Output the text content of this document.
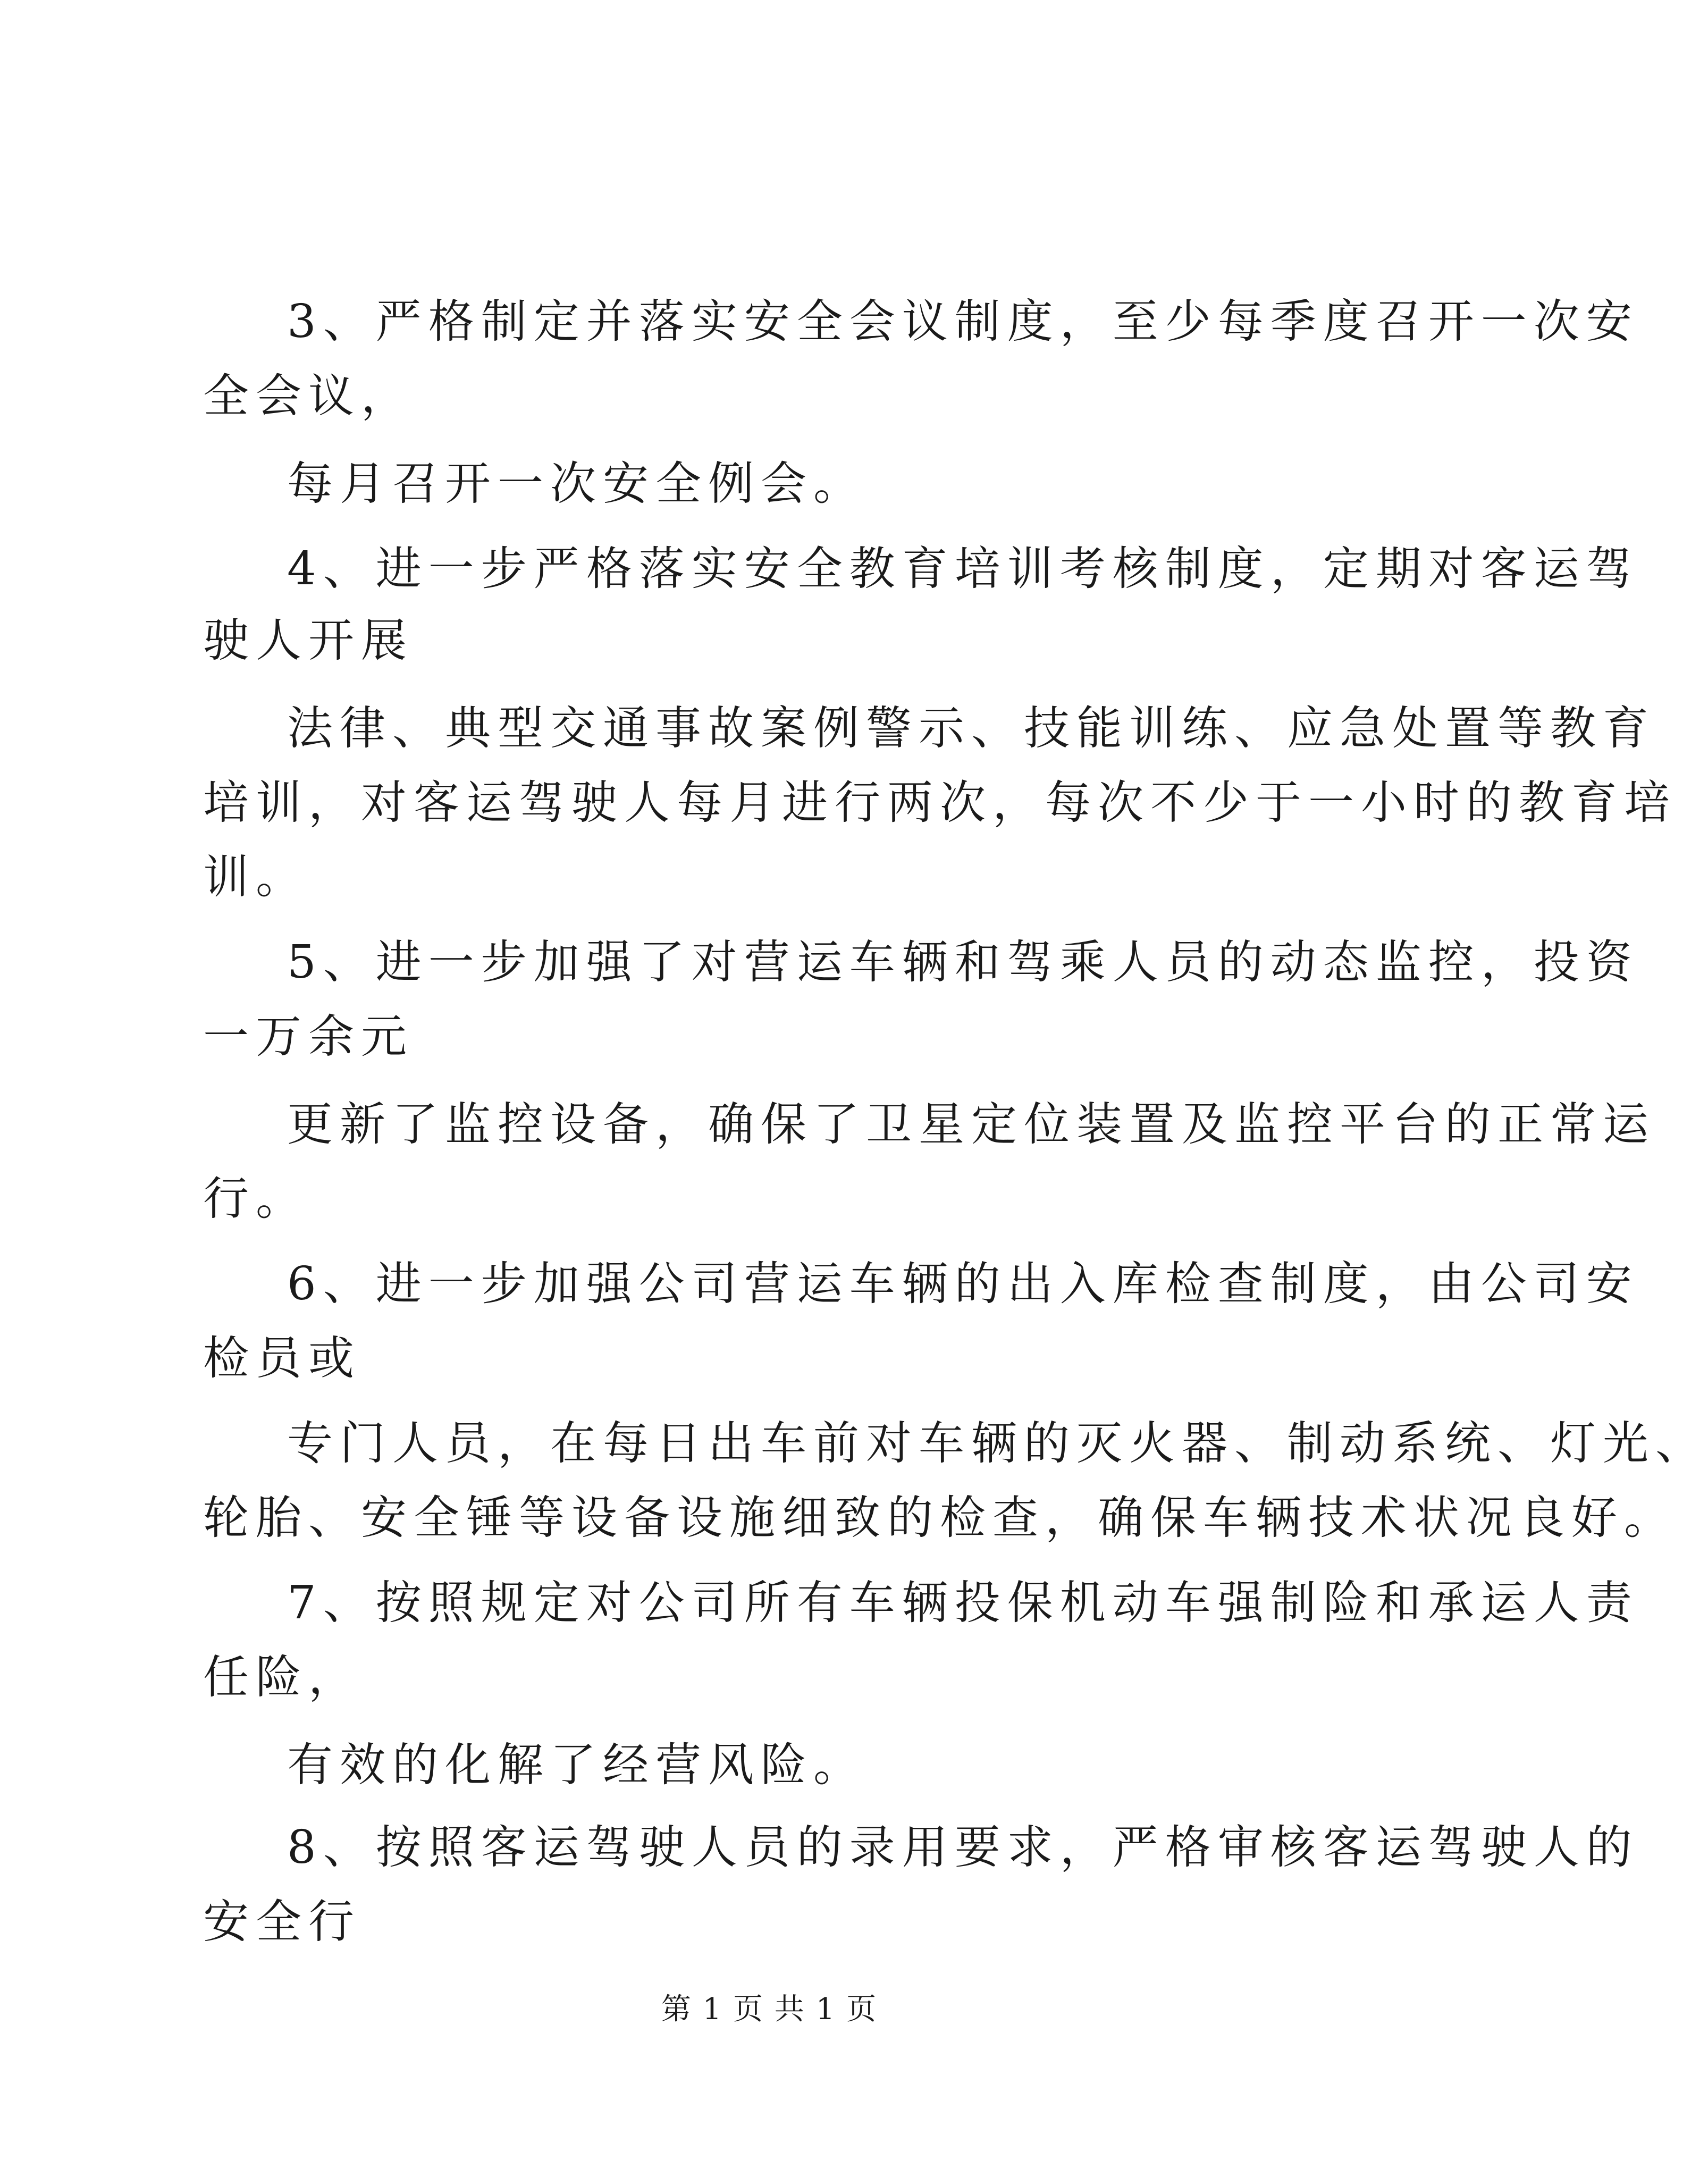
3、严格制定并落实安全会议制度，至少每季度召开一次安

全会议，

每月召开一次安全例会。

4、进一步严格落实安全教育培训考核制度，定期对客运驾

驶人开展

法律、典型交通事故案例警示、技能训练、应急处置等教育

培训，对客运驾驶人每月进行两次，每次不少于一小时的教育培

训。

5、进一步加强了对营运车辆和驾乘人员的动态监控，投资

一万余元

更新了监控设备，确保了卫星定位装置及监控平台的正常运

行。

6、进一步加强公司营运车辆的出入库检查制度，由公司安

检员或

专门人员，在每日出车前对车辆的灭火器、制动系统、灯光、

轮胎、安全锤等设备设施细致的检查，确保车辆技术状况良好。

7、按照规定对公司所有车辆投保机动车强制险和承运人责

任险，

有效的化解了经营风险。

8、按照客运驾驶人员的录用要求，严格审核客运驾驶人的

安全行

第 1 页 共 1 页
